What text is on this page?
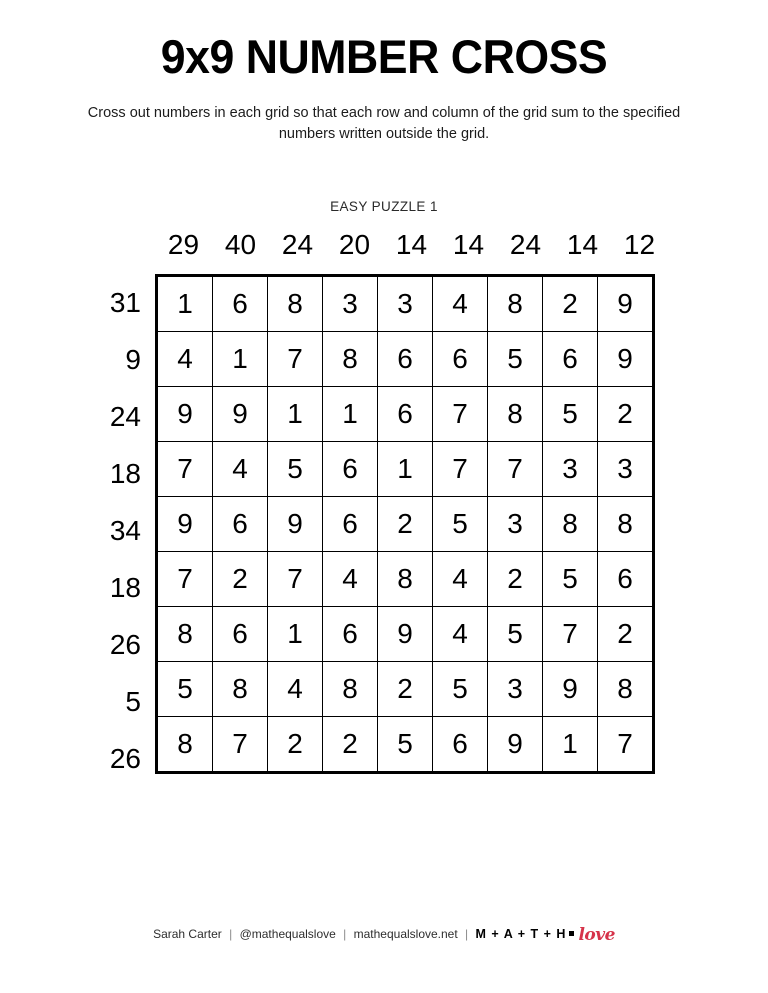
9x9 NUMBER CROSS
Cross out numbers in each grid so that each row and column of the grid sum to the specified numbers written outside the grid.
EASY PUZZLE 1
29 40 24 20 14 14 24 14 12
31
9
24
18
34
18
26
5
26
1	6	8	3	3	4	8	2	9
4	1	7	8	6	6	5	6	9
9	9	1	1	6	7	8	5	2
7	4	5	6	1	7	7	3	3
9	6	9	6	2	5	3	8	8
7	2	7	4	8	4	2	5	6
8	6	1	6	9	4	5	7	2
5	8	4	8	2	5	3	9	8
8	7	2	2	5	6	9	1	7
Sarah Carter | @mathequalslove | mathequalslove.net | M + A + T + H love
